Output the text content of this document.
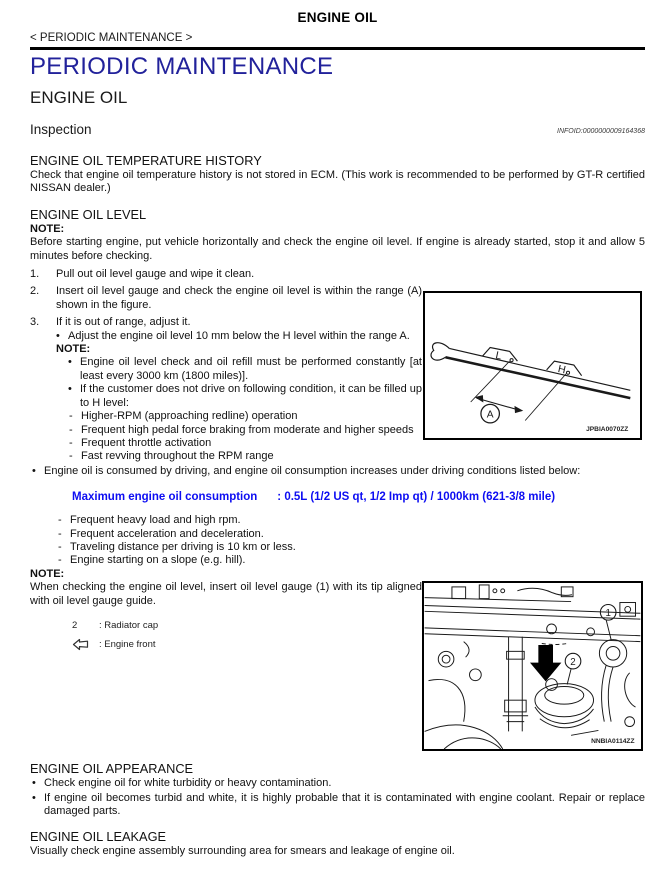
ENGINE OIL
< PERIODIC MAINTENANCE >
PERIODIC MAINTENANCE
ENGINE OIL
Inspection	INFOID:0000000009164368
ENGINE OIL TEMPERATURE HISTORY

Check that engine oil temperature history is not stored in ECM. (This work is recommended to be performed by GT-R certified NISSAN dealer.)

ENGINE OIL LEVEL
NOTE:

Before starting engine, put vehicle horizontally and check the engine oil level. If engine is already started, stop it and allow 5 minutes before checking.

1.	Pull out oil level gauge and wipe it clean.
2.	Insert oil level gauge and check the engine oil level is within the range (A) shown in the figure.
3.	If it is out of range, adjust it.
• Adjust the engine oil level 10 mm below the H level within the range A.
NOTE:
• Engine oil level check and oil refill must be performed constantly [at least every 3000 km (1800 miles)].
• If the customer does not drive on following condition, it can be filled up to H level:
- Higher-RPM (approaching redline) operation
- Frequent high pedal force braking from moderate and higher speeds
- Frequent throttle activation
- Fast revving throughout the RPM range
L
H
A
JPBIA0070ZZ
• Engine oil is consumed by driving, and engine oil consumption increases under driving conditions listed below:
Maximum engine oil consumption : 0.5L (1/2 US qt, 1/2 Imp qt) / 1000km (621-3/8 mile)
- Frequent heavy load and high rpm.
- Frequent acceleration and deceleration.
- Traveling distance per driving is 10 km or less.
- Engine starting on a slope (e.g. hill).
NOTE:

When checking the engine oil level, insert oil level gauge (1) with its tip aligned with oil level gauge guide.

2	: Radiator cap
: Engine front
1
2
NNBIA0114ZZ
ENGINE OIL APPEARANCE
• Check engine oil for white turbidity or heavy contamination.
• If engine oil becomes turbid and white, it is highly probable that it is contaminated with engine coolant. Repair or replace damaged parts.
ENGINE OIL LEAKAGE

Visually check engine assembly surrounding area for smears and leakage of engine oil.
